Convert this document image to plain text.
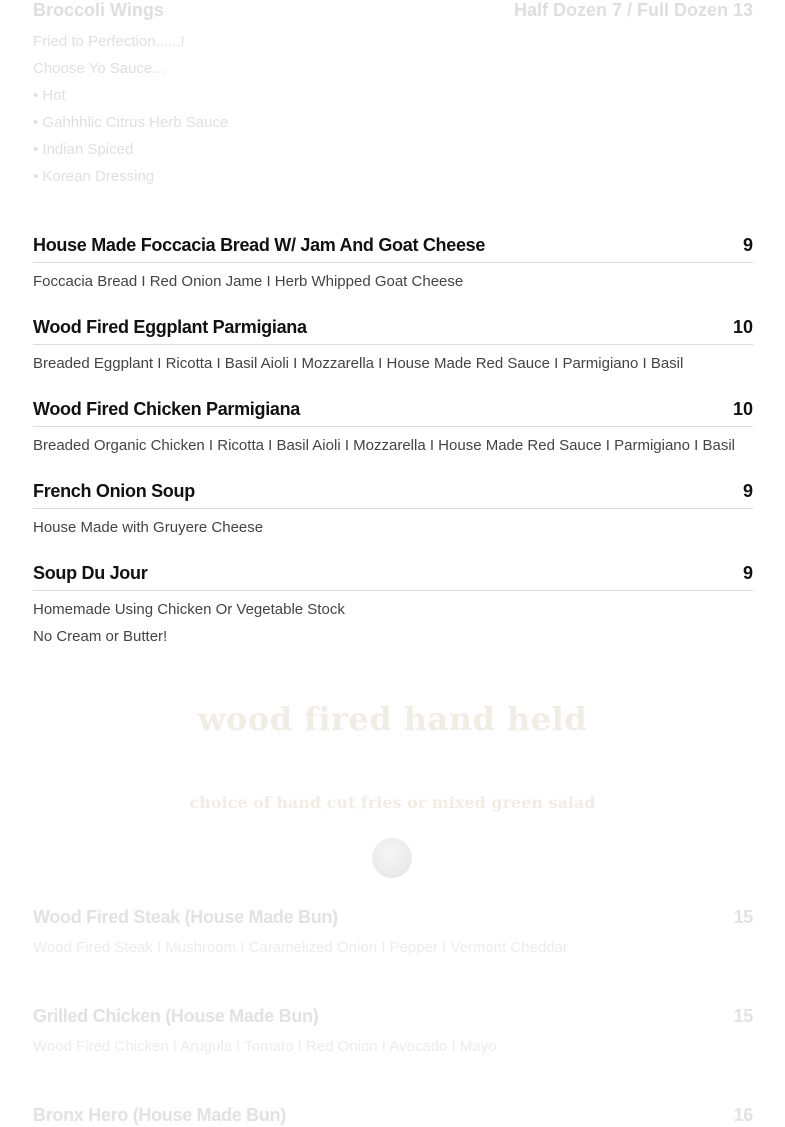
Broccoli Wings	Half Dozen 7 / Full Dozen 13
Fried to Perfection......!
Choose Yo Sauce...
• Hot
• Gahhhlic Citrus Herb Sauce
• Indian Spiced
• Korean Dressing
House Made Foccacia Bread W/ Jam And Goat Cheese	9
Foccacia Bread I Red Onion Jame I Herb Whipped Goat Cheese
Wood Fired Eggplant Parmigiana	10
Breaded Eggplant I Ricotta I Basil Aioli I Mozzarella I House Made Red Sauce I Parmigiano I Basil
Wood Fired Chicken Parmigiana	10
Breaded Organic Chicken I Ricotta I Basil Aioli I Mozzarella I House Made Red Sauce I Parmigiano I Basil
French Onion Soup	9
House Made with Gruyere Cheese
Soup Du Jour	9
Homemade Using Chicken Or Vegetable Stock
No Cream or Butter!
wood fired hand held
choice of hand cut fries or mixed green salad
Wood Fired Steak (House Made Bun)	15
Wood Fired Steak I Mushroom I Caramelized Onion I Pepper I Vermont Cheddar
Grilled Chicken (House Made Bun)	15
Wood Fired Chicken I Arugula I Tomato I Red Onion I Avocado I Mayo
Bronx Hero (House Made Bun)	16
